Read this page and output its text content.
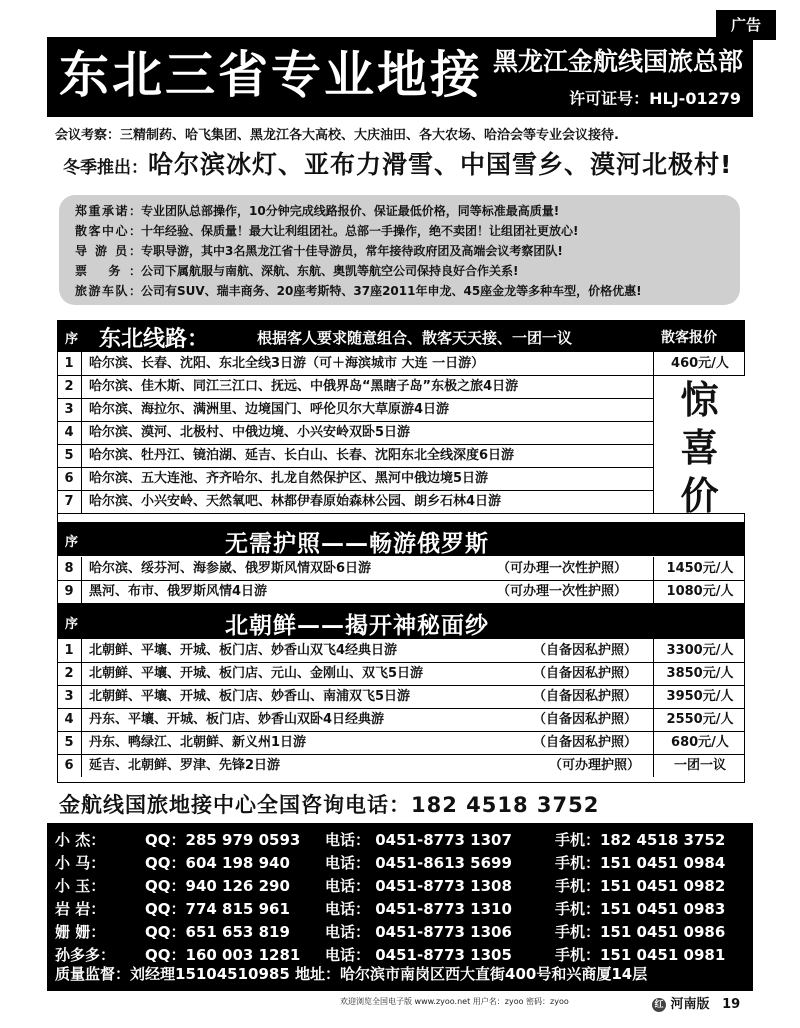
广告
东北三省专业地接 黑龙江金航线国旅总部
许可证号：HLJ-01279
会议考察：三精制药、哈飞集团、黑龙江各大高校、大庆油田、各大农场、哈洽会等专业会议接待.
冬季推出：哈尔滨冰灯、亚布力滑雪、中国雪乡、漠河北极村!
郑重承诺：专业团队总部操作，10分钟完成线路报价、保证最低价格，同等标准最高质量!
散客中心：十年经验、保质量！最大让利组团社。总部一手操作，绝不卖团！让组团社更放心!
导 游 员：专职导游，其中3名黑龙江省十佳导游员，常年接待政府团及高端会议考察团队!
票 务：公司下属航服与南航、深航、东航、奥凯等航空公司保持良好合作关系!
旅游车队：公司有SUV、瑞丰商务、20座考斯特、37座2011年申龙、45座金龙等多种车型，价格优惠!
序 东北线路：	根据客人要求随意组合、散客天天接、一团一议	散客报价
1	哈尔滨、长春、沈阳、东北全线3日游（可＋海滨城市 大连 一日游）	460元/人
2	哈尔滨、佳木斯、同江三江口、抚远、中俄界岛“黑瞎子岛”东极之旅4日游
3	哈尔滨、海拉尔、满洲里、边境国门、呼伦贝尔大草原游4日游
4	哈尔滨、漠河、北极村、中俄边境、小兴安岭双卧5日游
5	哈尔滨、牡丹江、镜泊湖、延吉、长白山、长春、沈阳东北全线深度6日游
6	哈尔滨、五大连池、齐齐哈尔、扎龙自然保护区、黑河中俄边境5日游
7	哈尔滨、小兴安岭、天然氧吧、林都伊春原始森林公园、朗乡石林4日游
惊
喜
价
序	无需护照——畅游俄罗斯
8	哈尔滨、绥芬河、海参崴、俄罗斯风情双卧6日游	（可办理一次性护照）	1450元/人
9	黑河、布市、俄罗斯风情4日游	（可办理一次性护照）	1080元/人
序	北朝鲜——揭开神秘面纱
1	北朝鲜、平壤、开城、板门店、妙香山双飞4经典日游	（自备因私护照）	3300元/人
2	北朝鲜、平壤、开城、板门店、元山、金刚山、双飞5日游	（自备因私护照）	3850元/人
3	北朝鲜、平壤、开城、板门店、妙香山、南浦双飞5日游	（自备因私护照）	3950元/人
4	丹东、平壤、开城、板门店、妙香山双卧4日经典游	（自备因私护照）	2550元/人
5	丹东、鸭绿江、北朝鲜、新义州1日游	（自备因私护照）	680元/人
6	延吉、北朝鲜、罗津、先锋2日游	（可办理护照）	一团一议
金航线国旅地接中心全国咨询电话：182 4518 3752
小 杰：	QQ：285 979 0593 电话： 0451-8773 1307	手机：182 4518 3752
小 马：	QQ：604 198 940 电话： 0451-8613 5699	手机：151 0451 0984
小 玉：	QQ：940 126 290 电话： 0451-8773 1308	手机：151 0451 0982
岩 岩：	QQ：774 815 961 电话： 0451-8773 1310	手机：151 0451 0983
姗 姗：	QQ：651 653 819 电话： 0451-8773 1306	手机：151 0451 0986
孙多多： QQ：160 003 1281 电话： 0451-8773 1305	手机：151 0451 0981
质量监督：刘经理15104510985 地址：哈尔滨市南岗区西大直街400号和兴商厦14层
欢迎浏览全国电子版 www.zyoo.net 用户名：zyoo 密码：zyoo	红 河南版 19
